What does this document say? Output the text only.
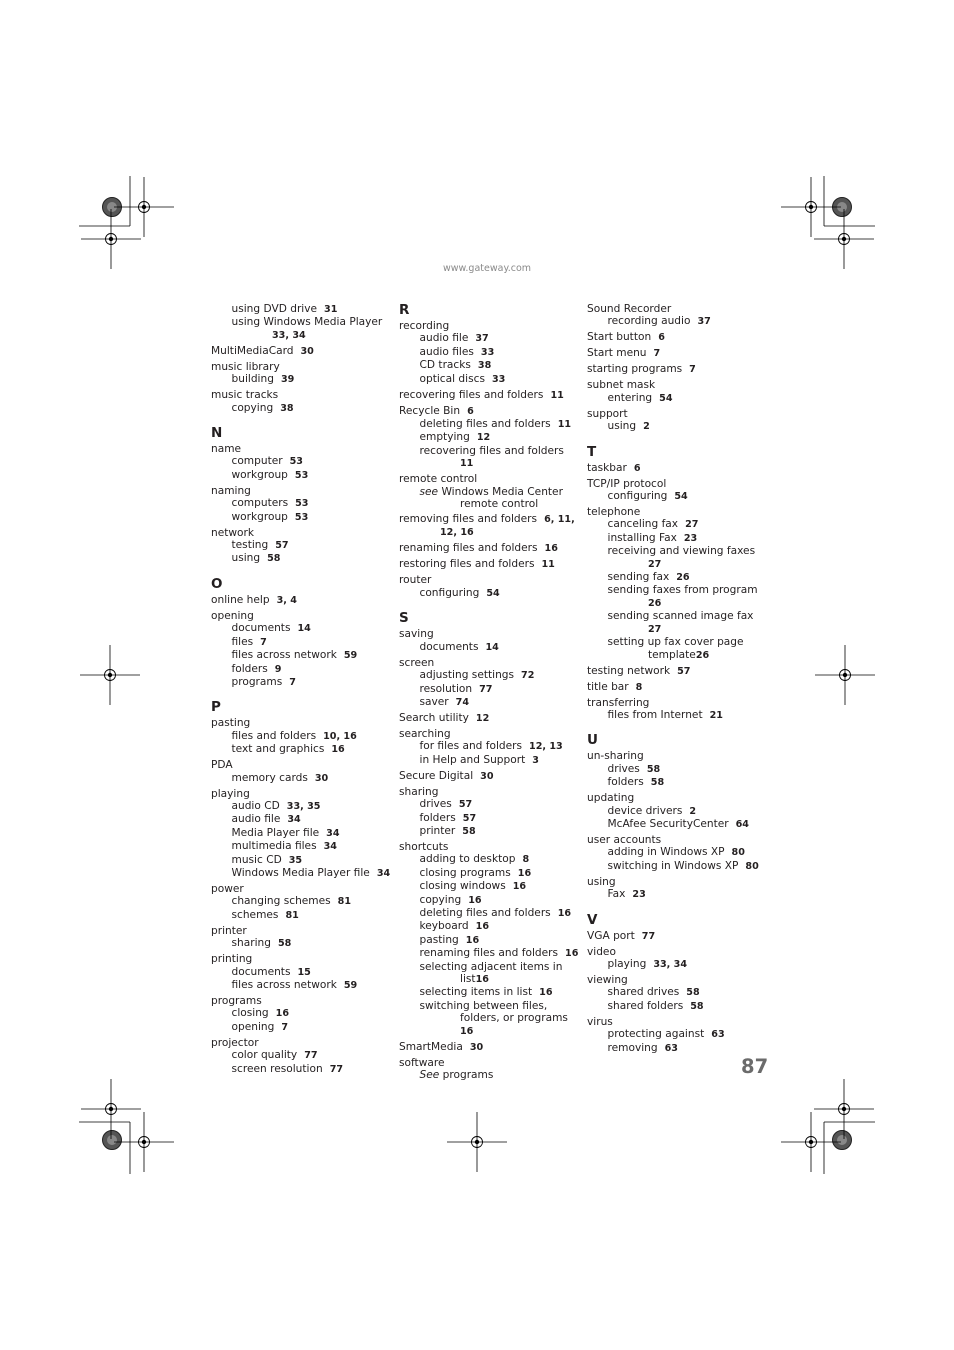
www.gateway.com
using DVD drive 31
using Windows Media Player
33, 34
MultiMediaCard 30
music library
building 39
music tracks
copying 38
N
name
computer 53
workgroup 53
naming
computers 53
workgroup 53
network
testing 57
using 58
O
online help 3, 4
opening
documents 14
files 7
files across network 59
folders 9
programs 7
P
pasting
files and folders 10, 16
text and graphics 16
PDA
memory cards 30
playing
audio CD 33, 35
audio file 34
Media Player file 34
multimedia files 34
music CD 35
Windows Media Player file 34
power
changing schemes 81
schemes 81
printer
sharing 58
printing
documents 15
files across network 59
programs
closing 16
opening 7
projector
color quality 77
screen resolution 77
R
recording
audio file 37
audio files 33
CD tracks 38
optical discs 33
recovering files and folders 11
Recycle Bin 6
deleting files and folders 11
emptying 12
recovering files and folders
11
remote control
see Windows Media Center
remote control
removing files and folders 6, 11,
12, 16
renaming files and folders 16
restoring files and folders 11
router
configuring 54
S
saving
documents 14
screen
adjusting settings 72
resolution 77
saver 74
Search utility 12
searching
for files and folders 12, 13
in Help and Support 3
Secure Digital 30
sharing
drives 57
folders 57
printer 58
shortcuts
adding to desktop 8
closing programs 16
closing windows 16
copying 16
deleting files and folders 16
keyboard 16
pasting 16
renaming files and folders 16
selecting adjacent items in
list16
selecting items in list 16
switching between files,
folders, or programs
16
SmartMedia 30
software
See programs
Sound Recorder
recording audio 37
Start button 6
Start menu 7
starting programs 7
subnet mask
entering 54
support
using 2
T
taskbar 6
TCP/IP protocol
configuring 54
telephone
canceling fax 27
installing Fax 23
receiving and viewing faxes
27
sending fax 26
sending faxes from program
26
sending scanned image fax
27
setting up fax cover page
template26
testing network 57
title bar 8
transferring
files from Internet 21
U
un-sharing
drives 58
folders 58
updating
device drivers 2
McAfee SecurityCenter 64
user accounts
adding in Windows XP 80
switching in Windows XP 80
using
Fax 23
V
VGA port 77
video
playing 33, 34
viewing
shared drives 58
shared folders 58
virus
protecting against 63
removing 63
87
